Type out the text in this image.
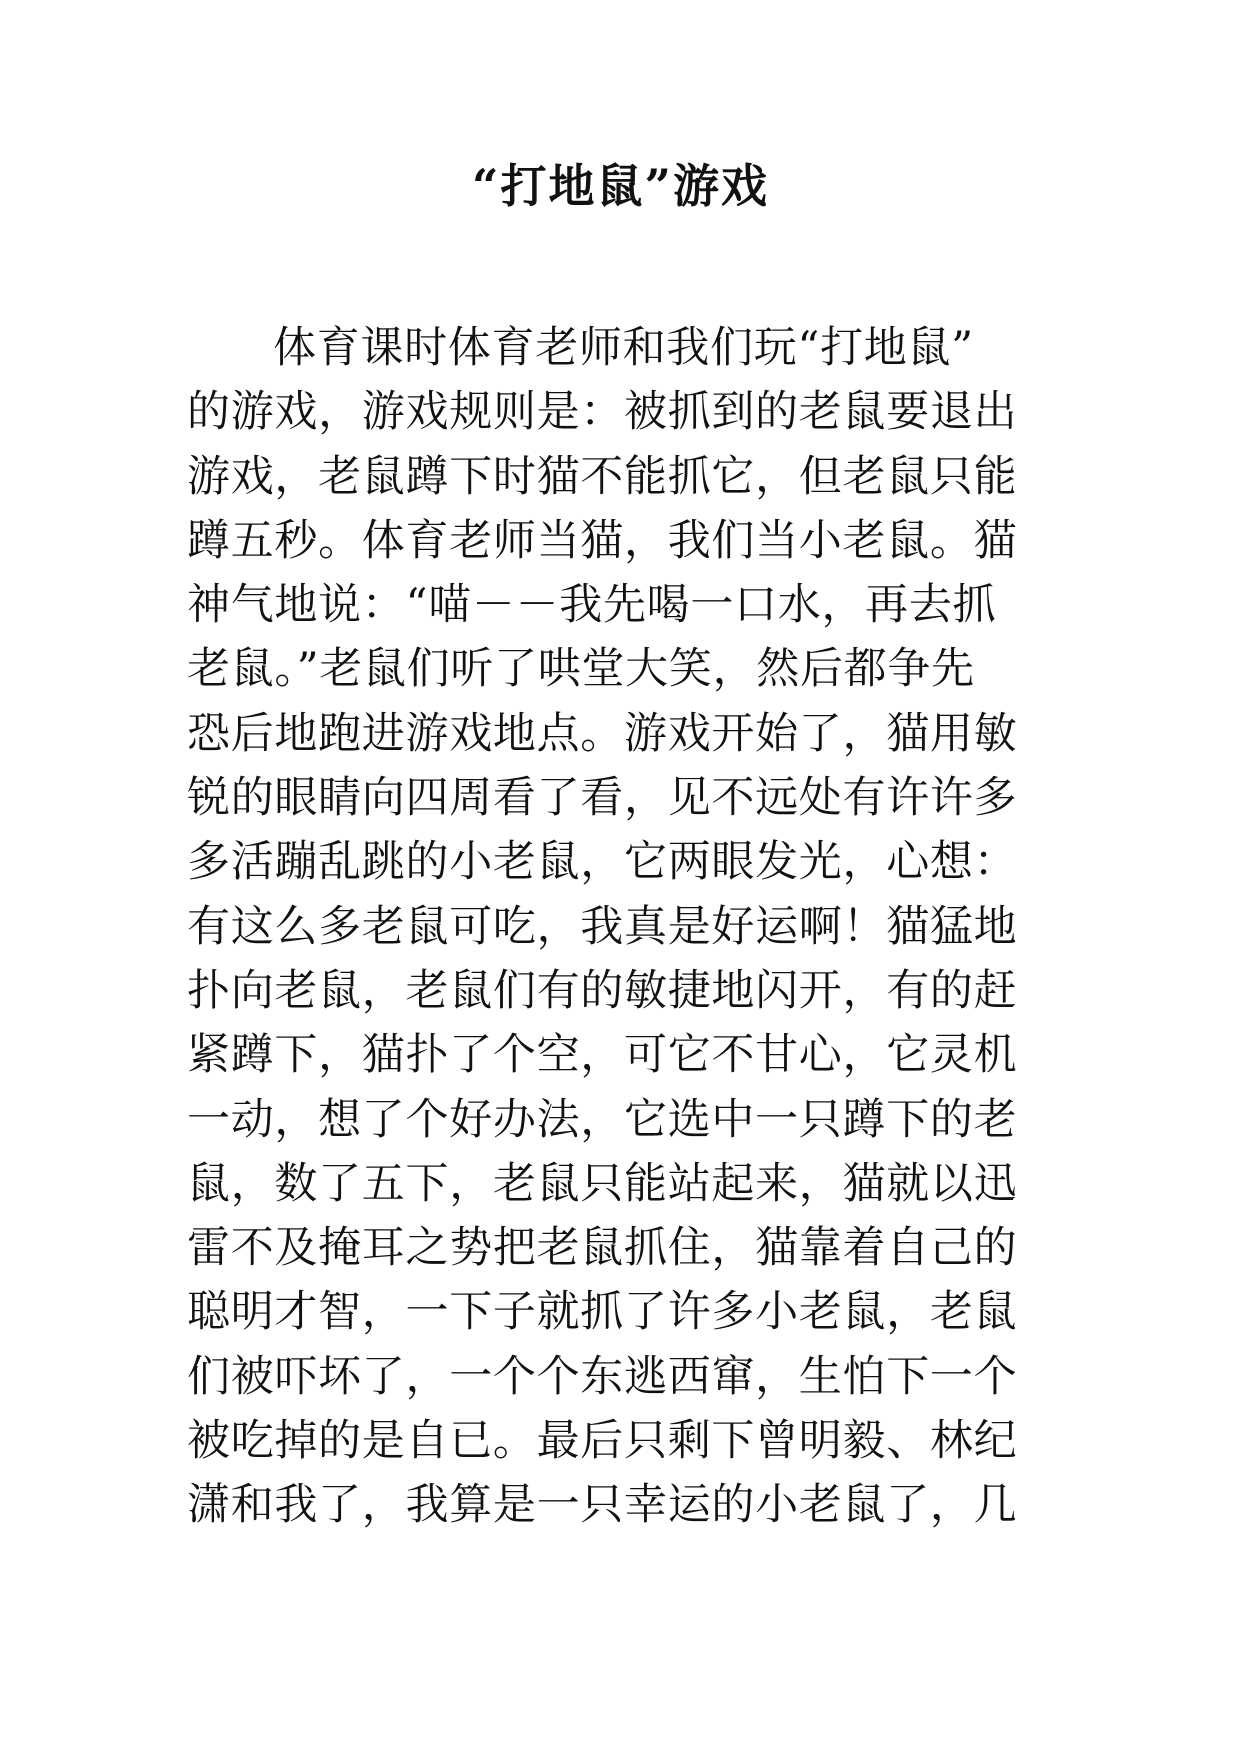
“打地鼠”游戏
体育课时体育老师和我们玩“打地鼠”
的游戏，游戏规则是：被抓到的老鼠要退出
游戏，老鼠蹲下时猫不能抓它，但老鼠只能
蹲五秒。体育老师当猫，我们当小老鼠。猫
神气地说：“喵－－我先喝一口水，再去抓
老鼠。”老鼠们听了哄堂大笑，然后都争先
恐后地跑进游戏地点。游戏开始了，猫用敏
锐的眼睛向四周看了看，见不远处有许许多
多活蹦乱跳的小老鼠，它两眼发光，心想：
有这么多老鼠可吃，我真是好运啊！猫猛地
扑向老鼠，老鼠们有的敏捷地闪开，有的赶
紧蹲下，猫扑了个空，可它不甘心，它灵机
一动，想了个好办法，它选中一只蹲下的老
鼠，数了五下，老鼠只能站起来，猫就以迅
雷不及掩耳之势把老鼠抓住，猫靠着自己的
聪明才智，一下子就抓了许多小老鼠，老鼠
们被吓坏了，一个个东逃西窜，生怕下一个
被吃掉的是自已。最后只剩下曾明毅、林纪
潇和我了，我算是一只幸运的小老鼠了，几
